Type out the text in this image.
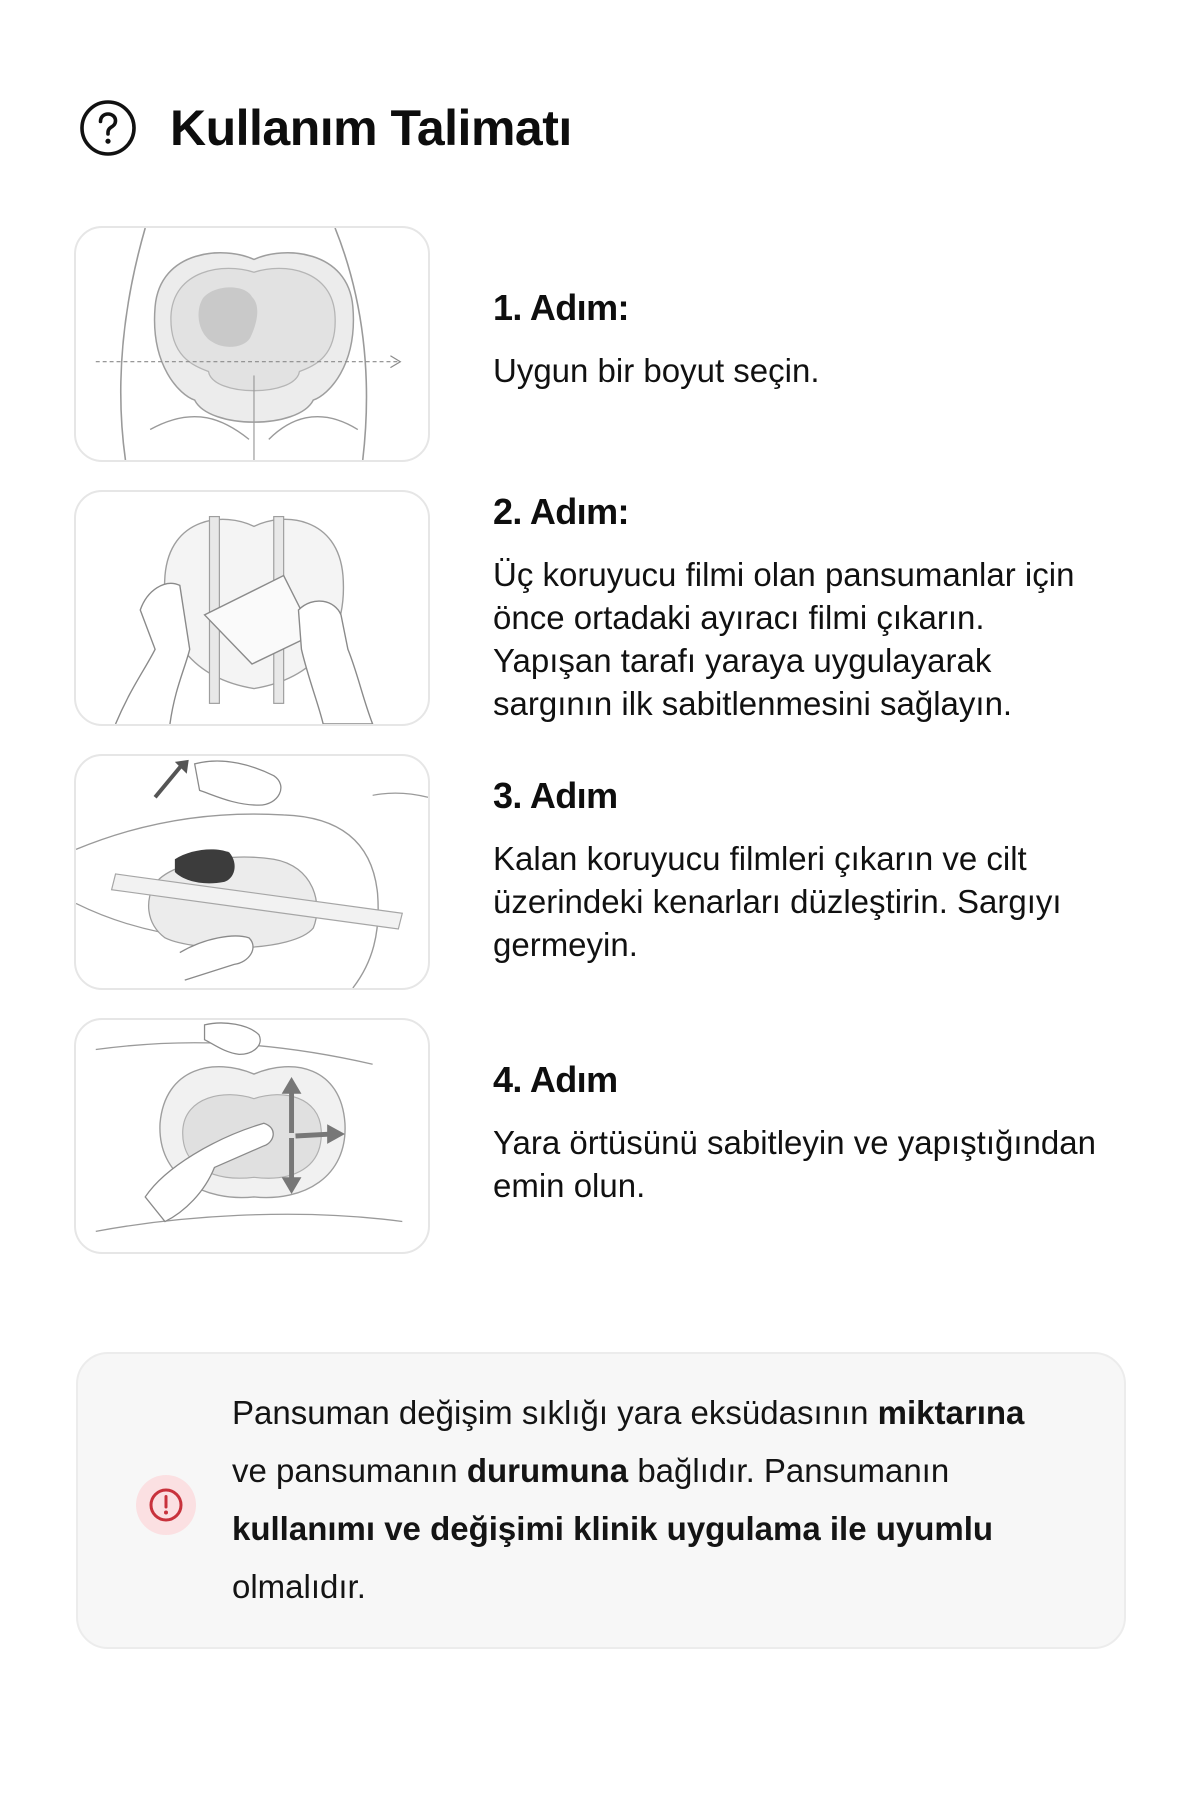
Kullanım Talimatı
1. Adım:

Uygun bir boyut seçin.

2. Adım:

Üç koruyucu filmi olan pansumanlar için
önce ortadaki ayıracı filmi çıkarın.
Yapışan tarafı yaraya uygulayarak
sargının ilk sabitlenmesini sağlayın.

3. Adım

Kalan koruyucu filmleri çıkarın ve cilt
üzerindeki kenarları düzleştirin. Sargıyı
germeyin.

4. Adım

Yara örtüsünü sabitleyin ve yapıştığından
emin olun.

Pansuman değişim sıklığı yara eksüdasının miktarına
ve pansumanın durumuna bağlıdır. Pansumanın
kullanımı ve değişimi klinik uygulama ile uyumlu
olmalıdır.
